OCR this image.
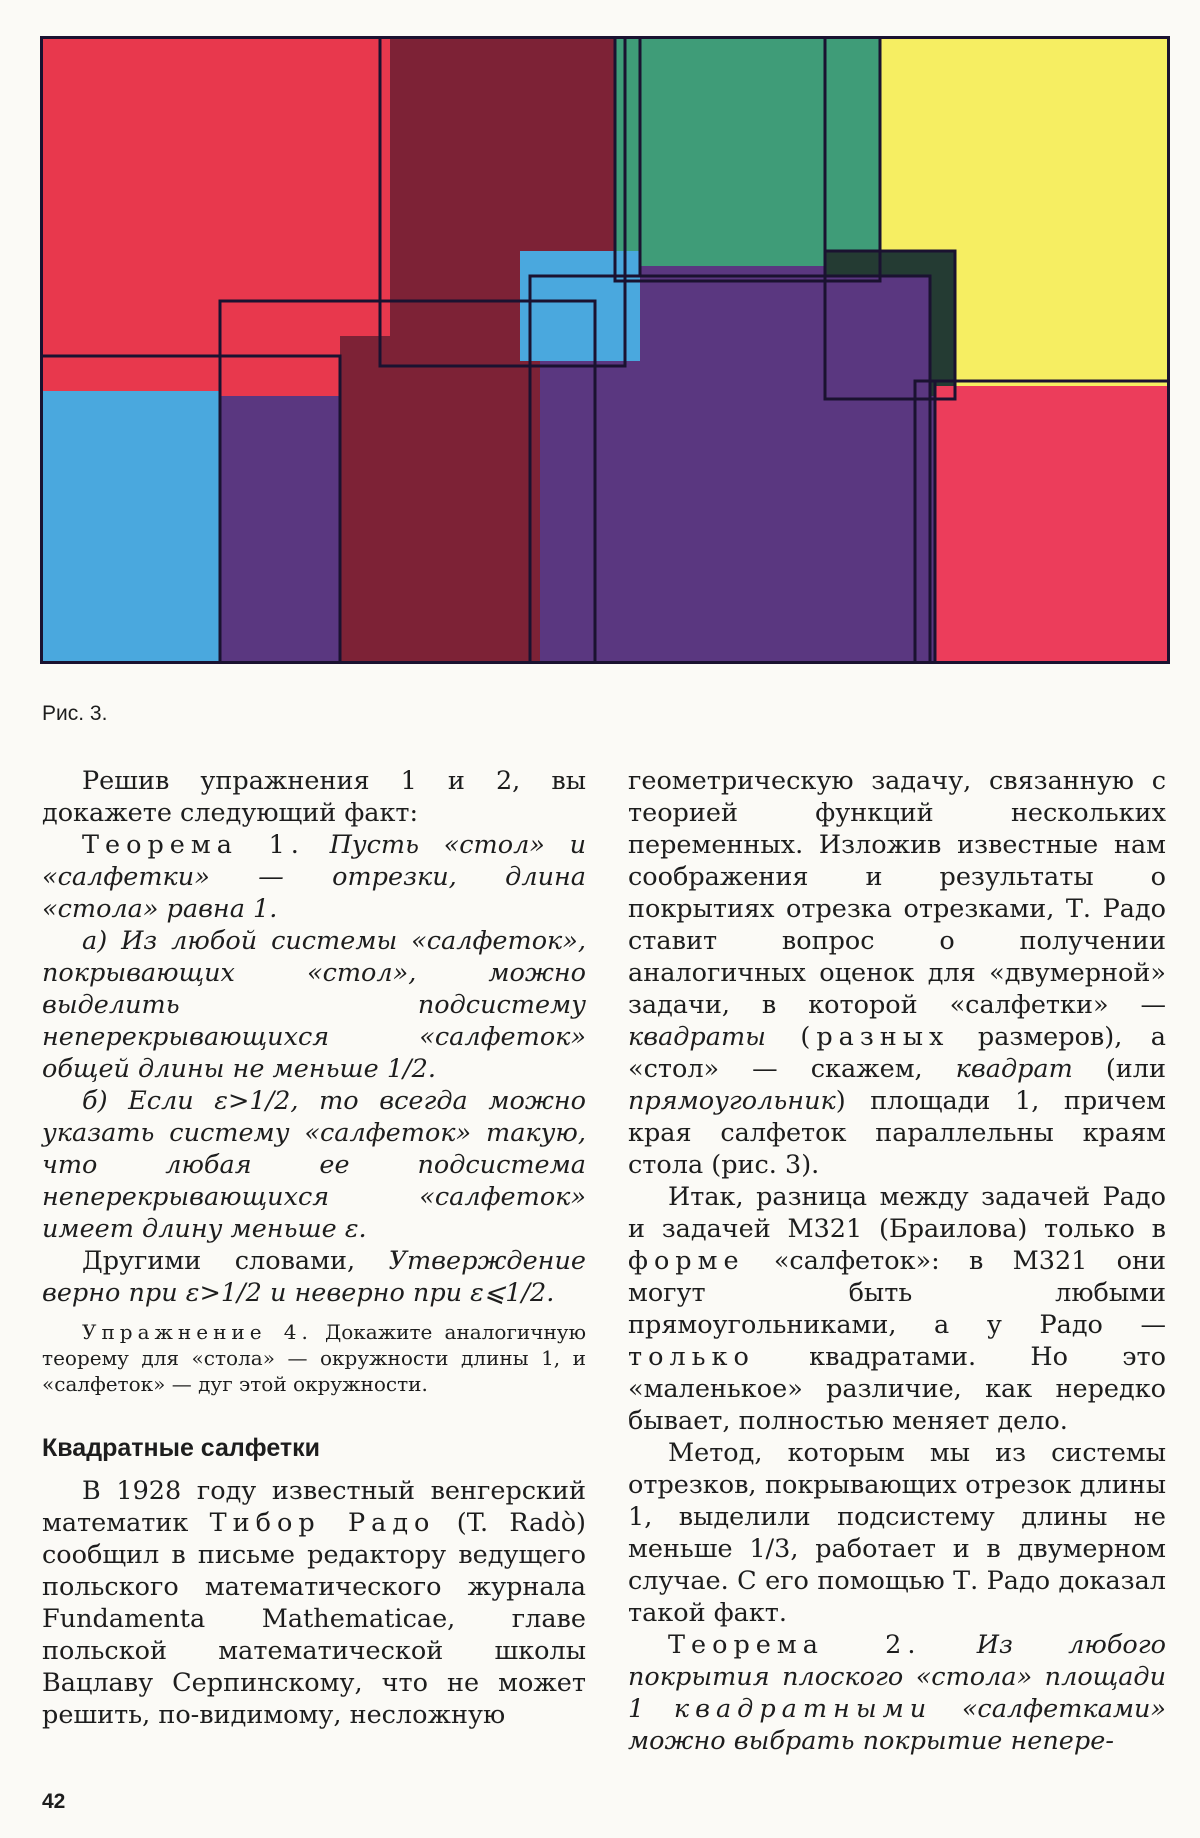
Рис. 3.

Решив упражнения 1 и 2, вы докажете следующий факт:

Теорема 1. Пусть «стол» и «салфетки» — отрезки, длина «стола» равна 1.

а) Из любой системы «салфеток», покрывающих «стол», можно выделить подсистему неперекрывающихся «салфеток» общей длины не меньше 1/2.

б) Если ε>1/2, то всегда можно указать систему «салфеток» такую, что любая ее подсистема неперекрывающихся «салфеток» имеет длину меньше ε.

Другими словами, Утверждение верно при ε>1/2 и неверно при ε⩽1/2.

Упражнение 4. Докажите аналогичную теорему для «стола» — окружности длины 1, и «салфеток» — дуг этой окружности.

Квадратные салфетки

В 1928 году известный венгерский математик Тибор Радо (T. Radò) сообщил в письме редактору ведущего польского математического журнала Fundamenta Mathematicae, главе польской математической школы Вацлаву Серпинскому, что не может решить, по-видимому, несложную

геометрическую задачу, связанную с теорией функций нескольких переменных. Изложив известные нам соображения и результаты о покрытиях отрезка отрезками, Т. Радо ставит вопрос о получении аналогичных оценок для «двумерной» задачи, в которой «салфетки» — квадраты (разных размеров), а «стол» — скажем, квадрат (или прямоугольник) площади 1, причем края салфеток параллельны краям стола (рис. 3).

Итак, разница между задачей Радо и задачей М321 (Браилова) только в форме «салфеток»: в М321 они могут быть любыми прямоугольниками, а у Радо — только квадратами. Но это «маленькое» различие, как нередко бывает, полностью меняет дело.

Метод, которым мы из системы отрезков, покрывающих отрезок длины 1, выделили подсистему длины не меньше 1/3, работает и в двумерном случае. С его помощью Т. Радо доказал такой факт.

Теорема 2. Из любого покрытия плоского «стола» площади 1 квадратными «салфетками» можно выбрать покрытие непере-

42
